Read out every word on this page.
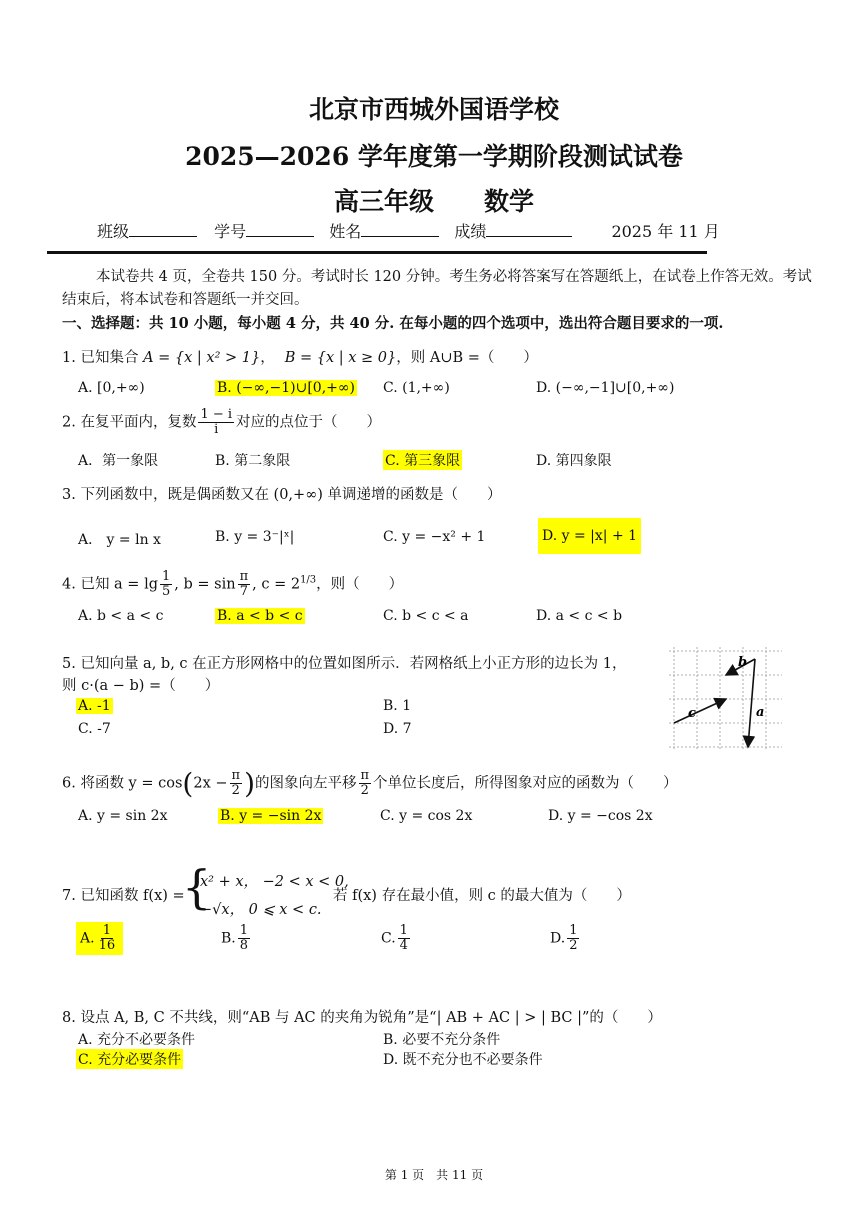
北京市西城外国语学校
2025—2026 学年度第一学期阶段测试试卷
高三年级　　数学
班级	学号	姓名	成绩	2025 年 11 月
本试卷共 4 页，全卷共 150 分。考试时长 120 分钟。考生务必将答案写在答题纸上，在试卷上作答无效。考试结束后，将本试卷和答题纸一并交回。
一、选择题：共 10 小题，每小题 4 分，共 40 分. 在每小题的四个选项中，选出符合题目要求的一项.
1. 已知集合 A = {x | x² > 1}， B = {x | x ≥ 0}，则 A∪B =（　　）
A. [0,+∞)	B. (−∞,−1)∪[0,+∞) C. (1,+∞)	D. (−∞,−1]∪[0,+∞)
2. 在复平面内，复数 $\frac{1 - i}{i}$ 对应的点位于（　　）
A．第一象限	B. 第二象限	C. 第三象限	D. 第四象限
3. 下列函数中，既是偶函数又在 (0,+∞) 单调递增的函数是（　　）
A． y = ln x	B. y = 3⁻|ˣ|	C. y = −x² + 1	D. y = |x| + 1
4. 已知 $a = \lg \frac{1}{5}$ , $b = \sin \frac{\pi}{7}$ , $c = 2^{1/3}$，则（　　）
A. b < a < c	B. a < b < c	C. b < c < a	D. a < c < b
5. 已知向量 a, b, c 在正方形网格中的位置如图所示．若网格纸上小正方形的边长为 1，
则 c·(a − b) =（　　）
A. -1	B. 1
C. -7	D. 7
b
a
c
6. 将函数 $y = \cos(2x - \frac{\pi}{2}$ )的图象向左平移 $\frac{\pi}{2}$ 个单位长度后，所得图象对应的函数为（　　）
A. y = sin 2x	B. y = −sin 2x	C. y = cos 2x	D. y = −cos 2x
7. 已知函数 f(x) =
{
x² + x， −2 < x < 0,
−√x， 0 ⩽ x < c.
若 f(x) 存在最小值，则 c 的最大值为（　　）
A. $\frac{1}{16}$	B. $\frac{1}{8}$	C. $\frac{1}{4}$	D. $\frac{1}{2}$
8. 设点 A, B, C 不共线，则“AB 与 AC 的夹角为锐角”是“| AB + AC | > | BC |”的（　　）
A. 充分不必要条件	B. 必要不充分条件
C. 充分必要条件	D. 既不充分也不必要条件
第 1 页　共 11 页
